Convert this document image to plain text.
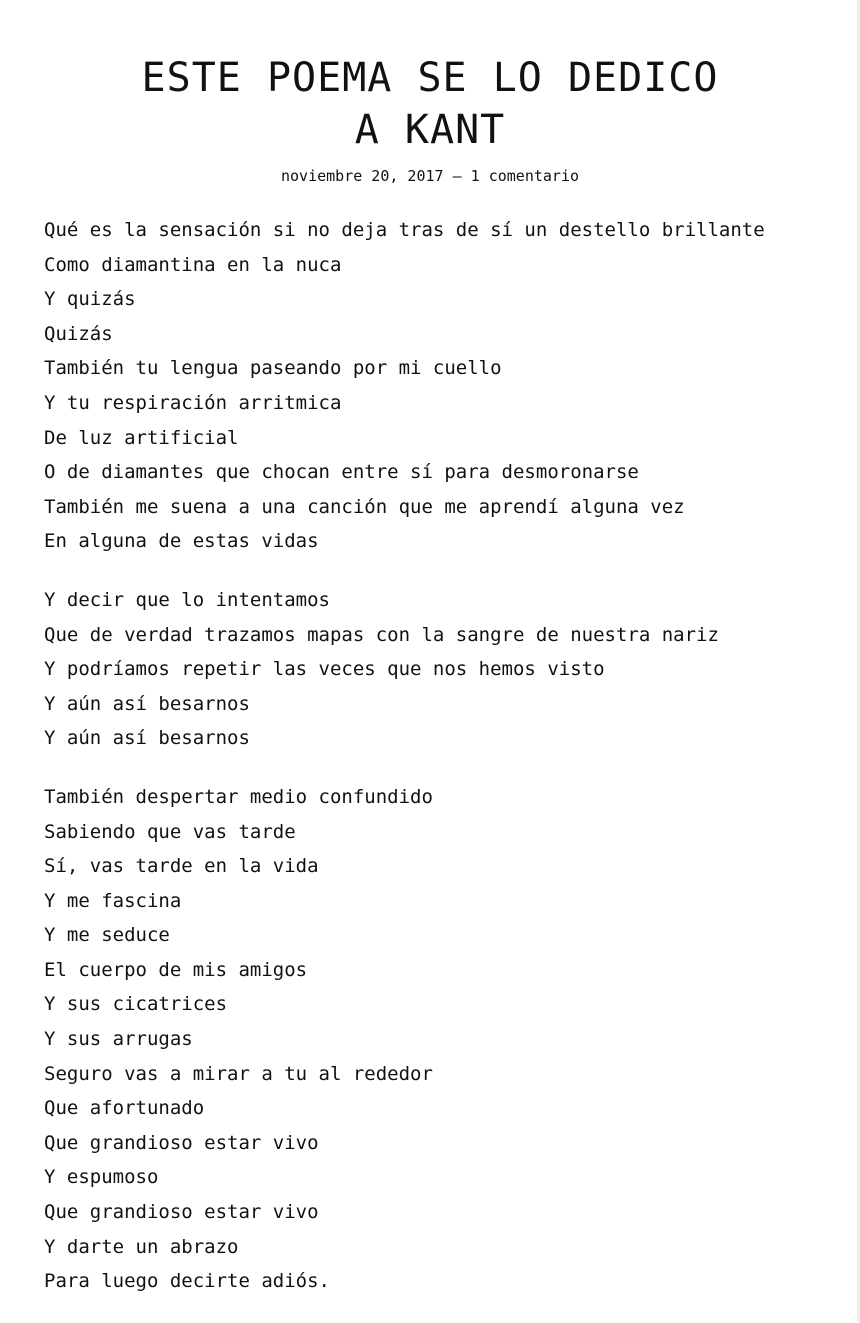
ESTE POEMA SE LO DEDICO
A KANT
noviembre 20, 2017 — 1 comentario
Qué es la sensación si no deja tras de sí un destello brillante
Como diamantina en la nuca
Y quizás
Quizás
También tu lengua paseando por mi cuello
Y tu respiración arritmica
De luz artificial
O de diamantes que chocan entre sí para desmoronarse
También me suena a una canción que me aprendí alguna vez
En alguna de estas vidas
Y decir que lo intentamos
Que de verdad trazamos mapas con la sangre de nuestra nariz
Y podríamos repetir las veces que nos hemos visto
Y aún así besarnos
Y aún así besarnos
También despertar medio confundido
Sabiendo que vas tarde
Sí, vas tarde en la vida
Y me fascina
Y me seduce
El cuerpo de mis amigos
Y sus cicatrices
Y sus arrugas
Seguro vas a mirar a tu al rededor
Que afortunado
Que grandioso estar vivo
Y espumoso
Que grandioso estar vivo
Y darte un abrazo
Para luego decirte adiós.
